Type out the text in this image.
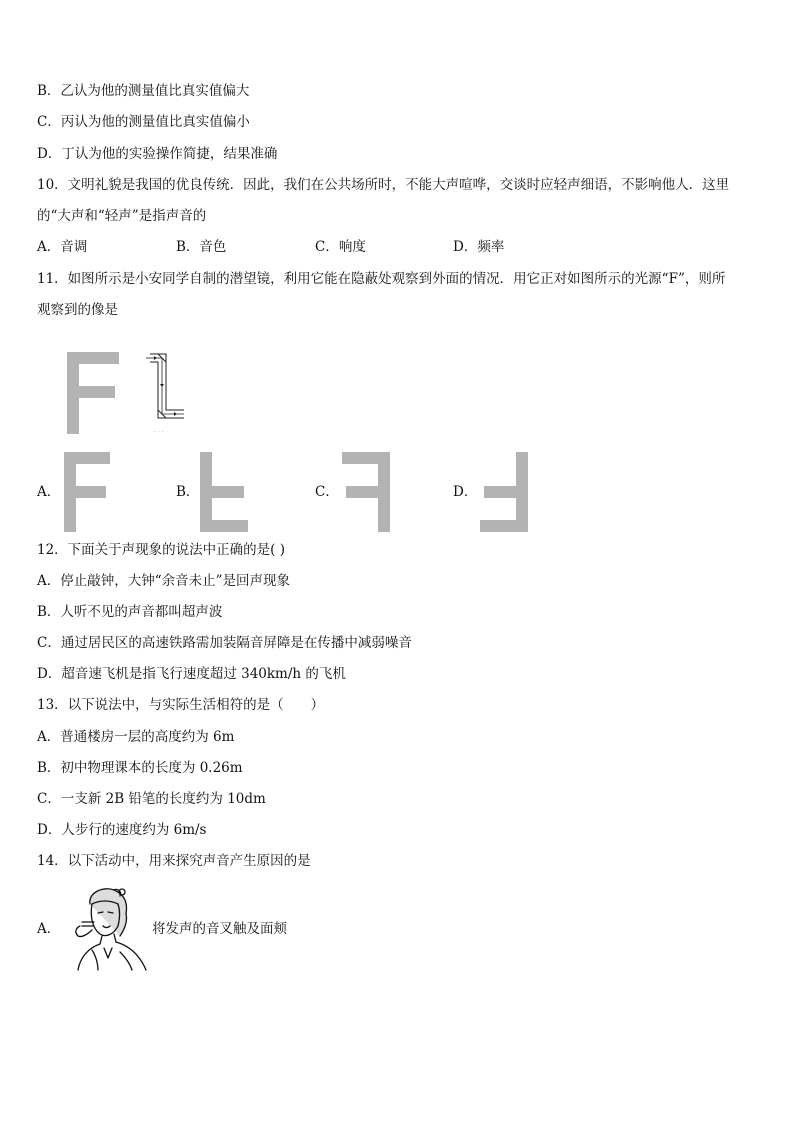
B．乙认为他的测量值比真实值偏大
C．丙认为他的测量值比真实值偏小
D．丁认为他的实验操作简捷，结果准确
10．文明礼貌是我国的优良传统．因此，我们在公共场所时，不能大声喧哗，交谈时应轻声细语，不影响他人．这里
的“大声和“轻声”是指声音的
A．音调	B．音色	C．响度	D．频率
11．如图所示是小安同学自制的潜望镜，利用它能在隐蔽处观察到外面的情况．用它正对如图所示的光源“F”，则所
观察到的像是
· · ·
A．	B．	C．	D．
12．下面关于声现象的说法中正确的是( )
A．停止敲钟，大钟“余音未止”是回声现象
B．人听不见的声音都叫超声波
C．通过居民区的高速铁路需加装隔音屏障是在传播中减弱噪音
D．超音速飞机是指飞行速度超过 340km/h 的飞机
13．以下说法中，与实际生活相符的是（　　）
A．普通楼房一层的高度约为 6m
B．初中物理课本的长度为 0.26m
C．一支新 2B 铅笔的长度约为 10dm
D．人步行的速度约为 6m/s
14．以下活动中，用来探究声音产生原因的是
A．	将发声的音叉触及面颊
